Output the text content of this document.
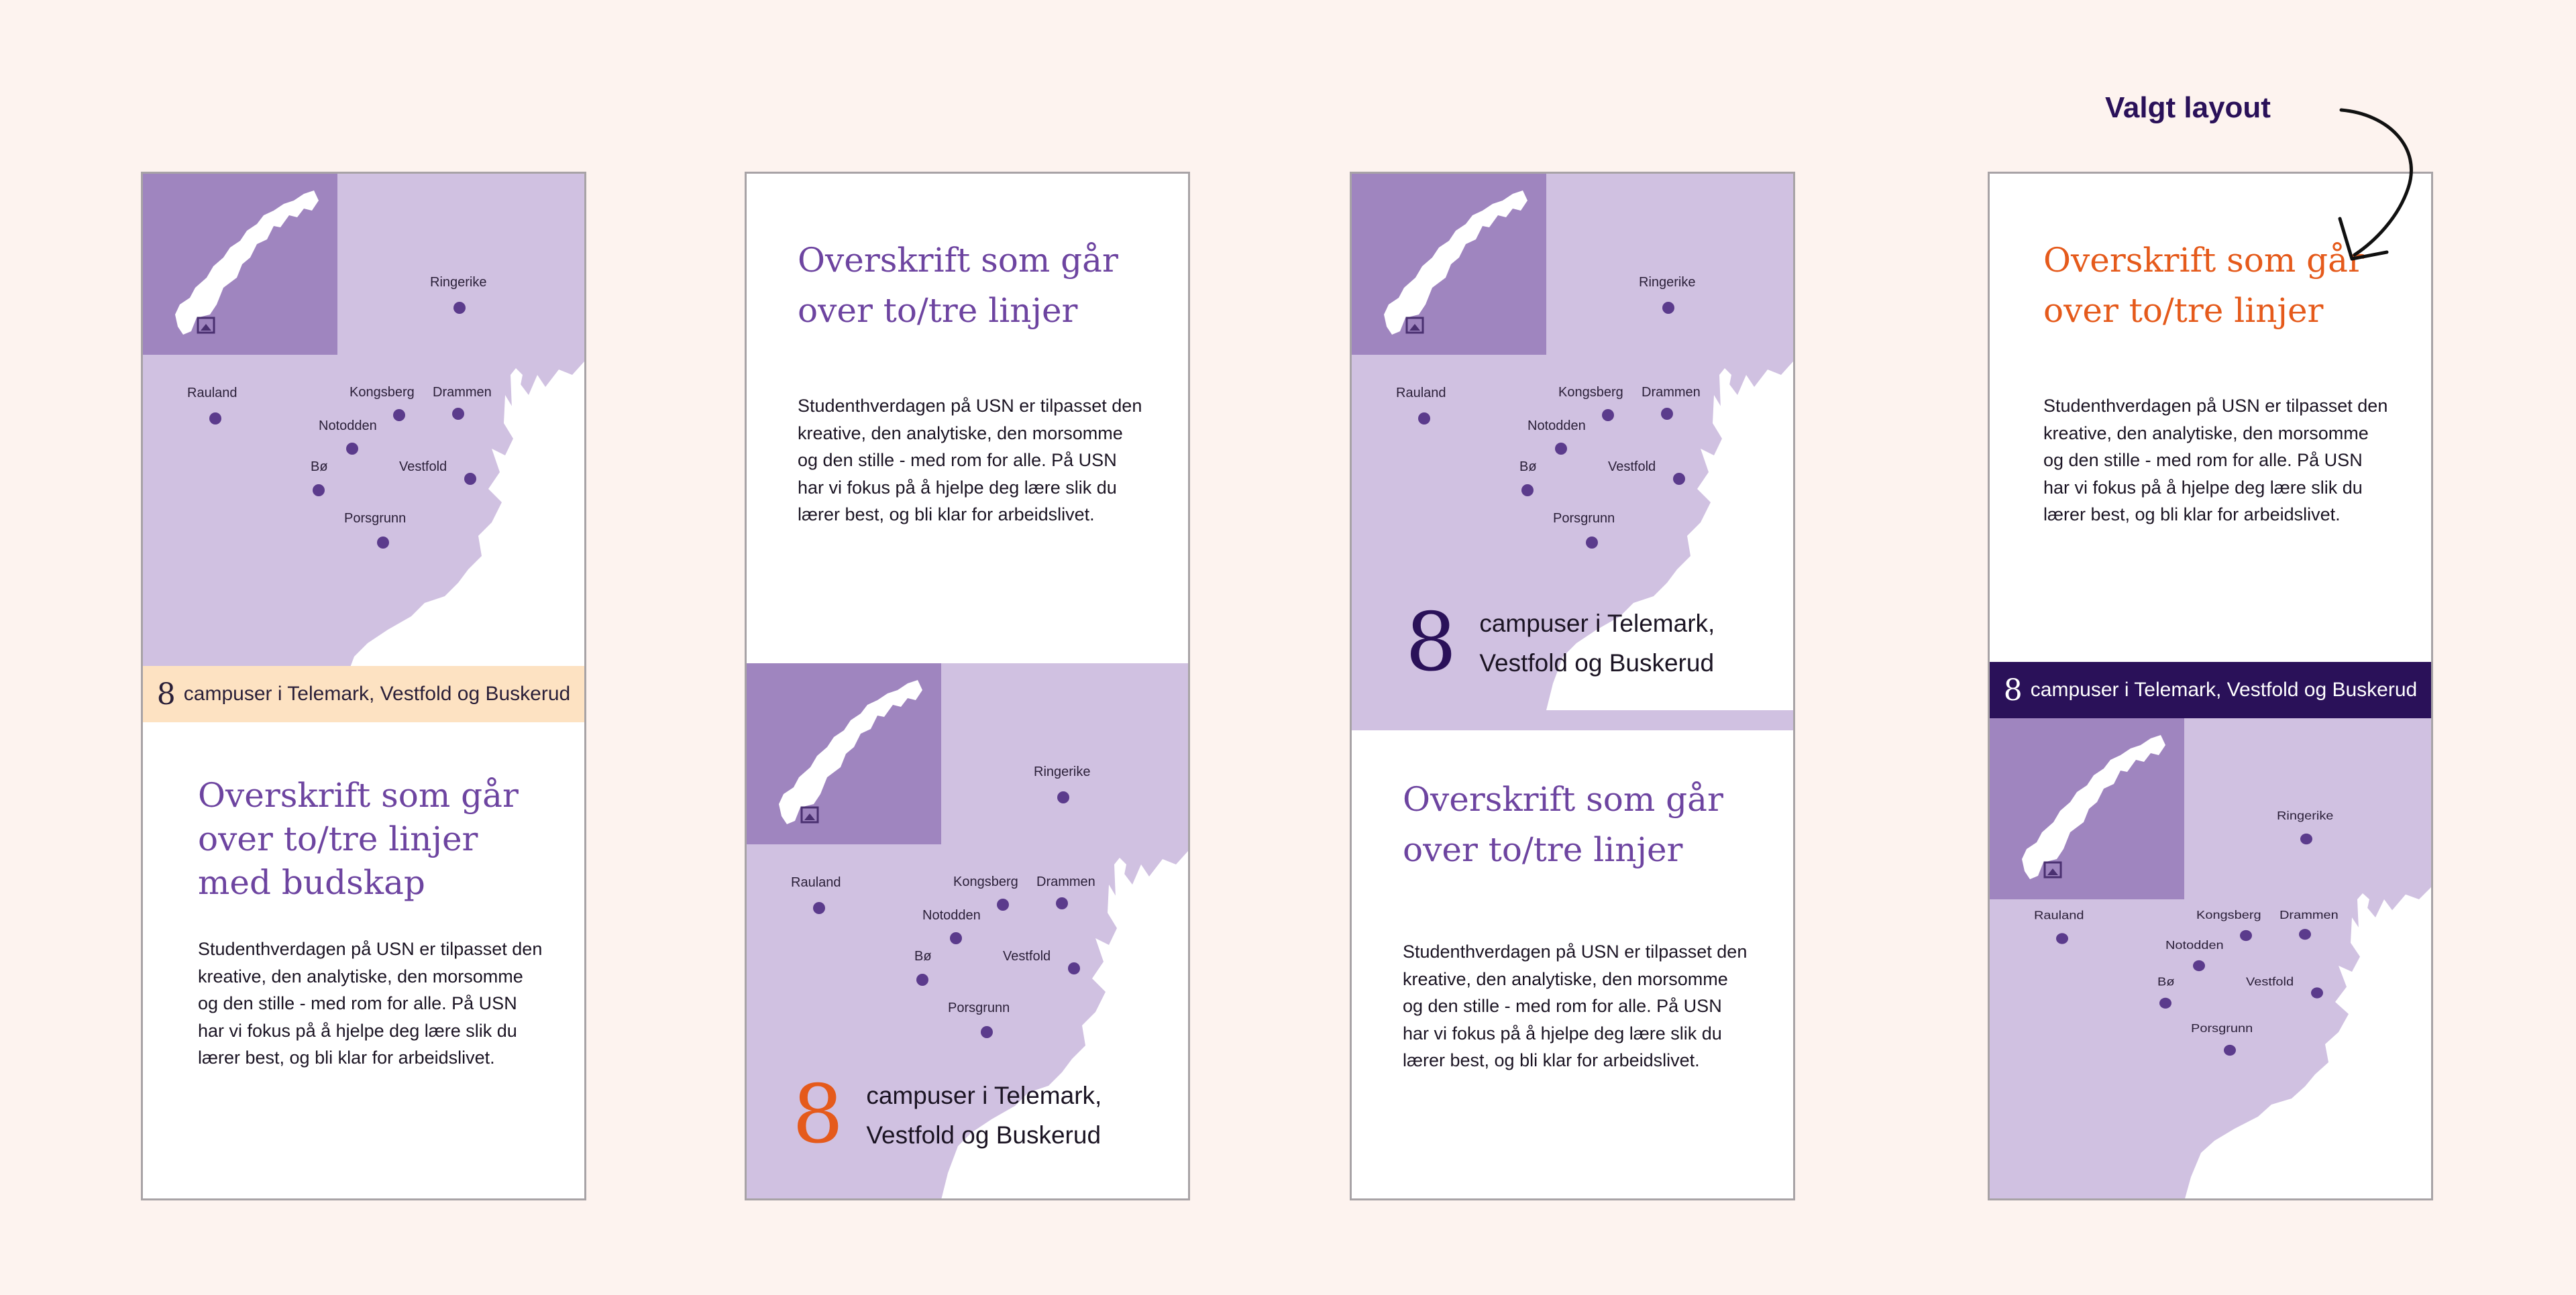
8 campuser i Telemark, Vestfold og Buskerud
Overskrift som går over to/tre linjer med budskap

Studenthverdagen på USN er tilpasset den kreative, den analytiske, den morsomme og den stille - med rom for alle. På USN har vi fokus på å hjelpe deg lære slik du lærer best, og bli klar for arbeidslivet.

Overskrift som går over to/tre linjer

Studenthverdagen på USN er tilpasset den kreative, den analytiske, den morsomme og den stille - med rom for alle. På USN har vi fokus på å hjelpe deg lære slik du lærer best, og bli klar for arbeidslivet.

8 campuser i Telemark, Vestfold og Buskerud
8 campuser i Telemark, Vestfold og Buskerud
Overskrift som går over to/tre linjer

Studenthverdagen på USN er tilpasset den kreative, den analytiske, den morsomme og den stille - med rom for alle. På USN har vi fokus på å hjelpe deg lære slik du lærer best, og bli klar for arbeidslivet.

Overskrift som går over to/tre linjer

Studenthverdagen på USN er tilpasset den kreative, den analytiske, den morsomme og den stille - med rom for alle. På USN har vi fokus på å hjelpe deg lære slik du lærer best, og bli klar for arbeidslivet.

8 campuser i Telemark, Vestfold og Buskerud
Valgt layout
